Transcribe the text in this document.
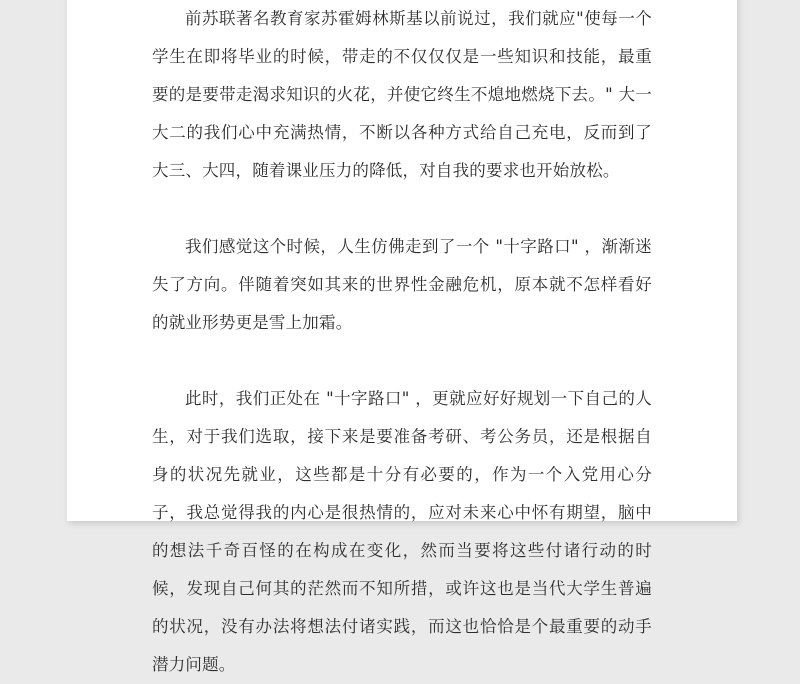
前苏联著名教育家苏霍姆林斯基以前说过，我们就应"使每一个学生在即将毕业的时候，带走的不仅仅仅是一些知识和技能，最重要的是要带走渴求知识的火花，并使它终生不熄地燃烧下去。" 大一大二的我们心中充满热情，不断以各种方式给自己充电，反而到了大三、大四，随着课业压力的降低，对自我的要求也开始放松。

我们感觉这个时候，人生仿佛走到了一个 "十字路口" ，渐渐迷失了方向。伴随着突如其来的世界性金融危机，原本就不怎样看好的就业形势更是雪上加霜。

此时，我们正处在 "十字路口" ，更就应好好规划一下自己的人生，对于我们选取，接下来是要准备考研、考公务员，还是根据自身的状况先就业，这些都是十分有必要的，作为一个入党用心分子，我总觉得我的内心是很热情的，应对未来心中怀有期望，脑中的想法千奇百怪的在构成在变化，然而当要将这些付诸行动的时候，发现自己何其的茫然而不知所措，或许这也是当代大学生普遍的状况，没有办法将想法付诸实践，而这也恰恰是个最重要的动手潜力问题。
